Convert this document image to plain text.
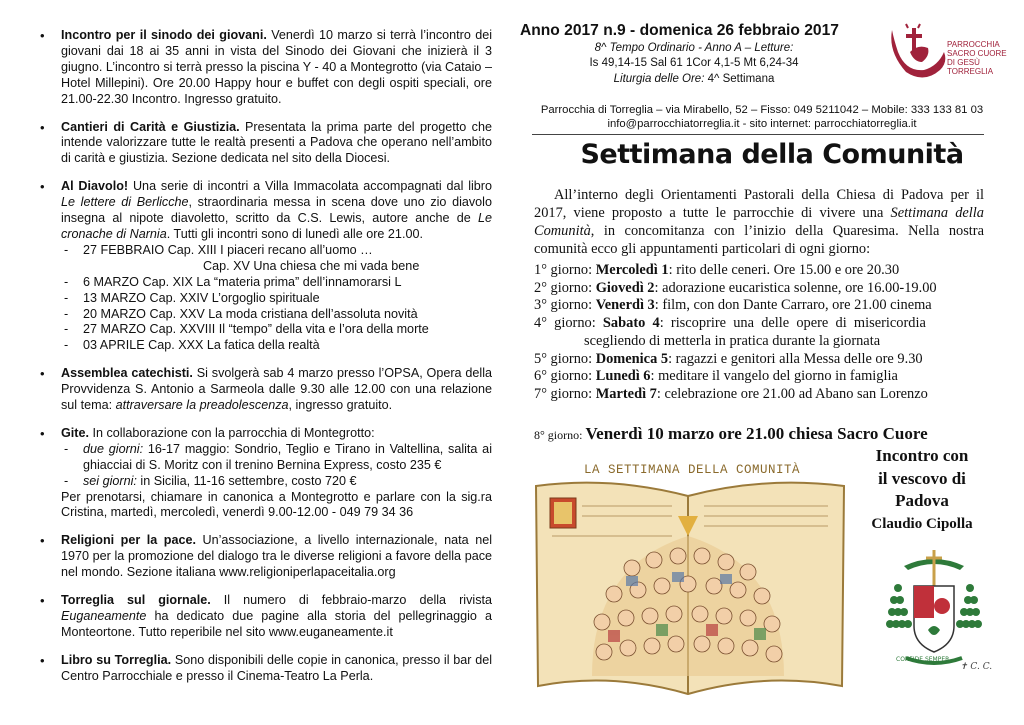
• Incontro per il sinodo dei giovani. Venerdì 10 marzo si terrà l’incontro dei giovani dai 18 ai 35 anni in vista del Sinodo dei Giovani che inizierà il 3 giugno. L’incontro si terrà presso la piscina Y - 40 a Montegrotto (via Cataio – Hotel Millepini). Ore 20.00 Happy hour e buffet con degli ospiti speciali, ore 21.00-22.30 Incontro. Ingresso gratuito.
• Cantieri di Carità e Giustizia. Presentata la prima parte del progetto che intende valorizzare tutte le realtà presenti a Padova che operano nell’ambito di carità e giustizia. Sezione dedicata nel sito della Diocesi.
• Al Diavolo! Una serie di incontri a Villa Immacolata accompagnati dal libro Le lettere di Berlicche, straordinaria messa in scena dove uno zio diavolo insegna al nipote diavoletto, scritto da C.S. Lewis, autore anche de Le cronache di Narnia. Tutti gli incontri sono di lunedì alle ore 21.00.
-	27 FEBBRAIO Cap. XIII I piaceri recano all’uomo …
Cap. XV Una chiesa che mi vada bene
-	6 MARZO Cap. XIX La “materia prima” dell’innamorarsi L
-	13 MARZO Cap. XXIV L’orgoglio spirituale
-	20 MARZO Cap. XXV La moda cristiana dell’assoluta novità
-	27 MARZO Cap. XXVIII Il “tempo” della vita e l’ora della morte
-	03 APRILE Cap. XXX La fatica della realtà
• Assemblea catechisti. Si svolgerà sab 4 marzo presso l’OPSA, Opera della Provvidenza S. Antonio a Sarmeola dalle 9.30 alle 12.00 con una relazione sul tema: attraversare la preadolescenza, ingresso gratuito.
• Gite. In collaborazione con la parrocchia di Montegrotto:
-	due giorni: 16-17 maggio: Sondrio, Teglio e Tirano in Valtellina, salita ai ghiacciai di S. Moritz con il trenino Bernina Express, costo 235 €
-	sei giorni: in Sicilia, 11-16 settembre, costo 720 €
Per prenotarsi, chiamare in canonica a Montegrotto e parlare con la sig.ra Cristina, martedì, mercoledì, venerdì 9.00-12.00 - 049 79 34 36
• Religioni per la pace. Un’associazione, a livello internazionale, nata nel 1970 per la promozione del dialogo tra le diverse religioni a favore della pace nel mondo. Sezione italiana www.religioniperlapaceitalia.org
• Torreglia sul giornale. Il numero di febbraio-marzo della rivista Euganeamente ha dedicato due pagine alla storia del pellegrinaggio a Monteortone. Tutto reperibile nel sito www.euganeamente.it
• Libro su Torreglia. Sono disponibili delle copie in canonica, presso il bar del Centro Parrocchiale e presso il Cinema-Teatro La Perla.
Anno 2017 n.9 - domenica 26 febbraio 2017
8^ Tempo Ordinario - Anno A – Letture:
Is 49,14-15 Sal 61 1Cor 4,1-5 Mt 6,24-34
Liturgia delle Ore: 4^ Settimana
PARROCCHIA
SACRO CUORE
DI GESÙ
TORREGLIA
Parrocchia di Torreglia – via Mirabello, 52 – Fisso: 049 5211042 – Mobile: 333 133 81 03
info@parrocchiatorreglia.it - sito internet: parrocchiatorreglia.it
Settimana della Comunità
All’interno degli Orientamenti Pastorali della Chiesa di Padova per il 2017, viene proposto a tutte le parrocchie di vivere una Settimana della Comunità, in concomitanza con l’inizio della Quaresima. Nella nostra comunità ecco gli appuntamenti particolari di ogni giorno:
1° giorno: Mercoledì 1: rito delle ceneri. Ore 15.00 e ore 20.30
2° giorno: Giovedì 2: adorazione eucaristica solenne, ore 16.00-19.00
3° giorno: Venerdì 3: film, con don Dante Carraro, ore 21.00 cinema
4°  giorno:  Sabato  4:  riscoprire  una  delle  opere  di  misericordia
scegliendo di metterla in pratica durante la giornata
5° giorno: Domenica 5: ragazzi e genitori alla Messa delle ore 9.30
6° giorno: Lunedì 6: meditare il vangelo del giorno in famiglia
7° giorno: Martedì 7: celebrazione ore 21.00 ad Abano san Lorenzo
8° giorno: Venerdì 10 marzo ore 21.00 chiesa Sacro Cuore
Incontro con
il vescovo di
Padova
Claudio Cipolla
LA SETTIMANA DELLA COMUNITÀ
CONFIDE SEMPER
✝ C. C.
